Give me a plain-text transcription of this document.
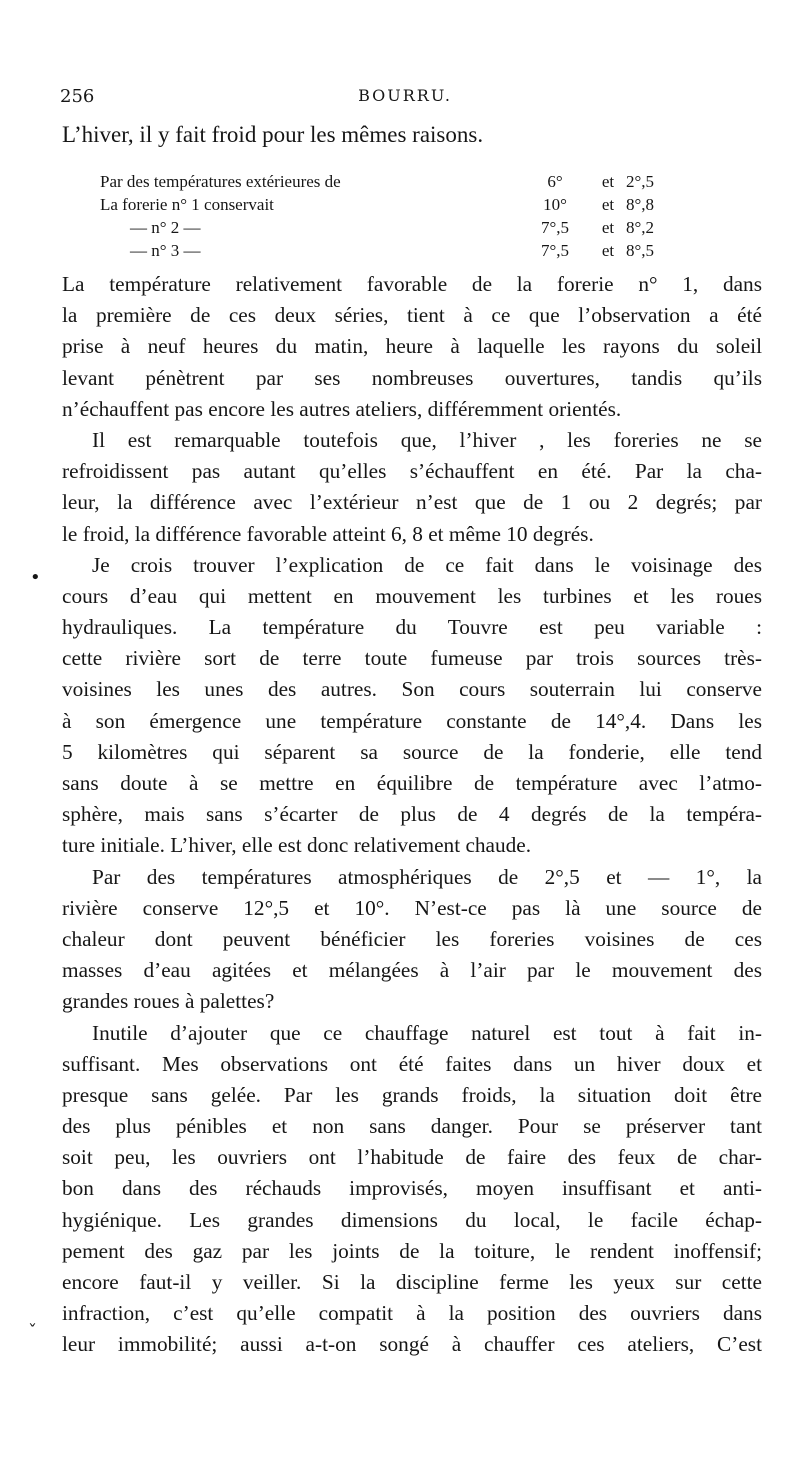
256	BOURRU.
L’hiver, il y fait froid pour les mêmes raisons.
Par des températures extérieures de	6°	et 2°,5
La forerie n° 1 conservait	10°	et 8°,8
— n° 2 —	7°,5	et 8°,2
— n° 3 —	7°,5	et 8°,5
La température relativement favorable de la forerie n° 1, dans
la première de ces deux séries, tient à ce que l’observation a été
prise à neuf heures du matin, heure à laquelle les rayons du soleil
levant pénètrent par ses nombreuses ouvertures, tandis qu’ils
n’échauffent pas encore les autres ateliers, différemment orientés.
Il est remarquable toutefois que, l’hiver , les foreries ne se
refroidissent pas autant qu’elles s’échauffent en été. Par la cha-
leur, la différence avec l’extérieur n’est que de 1 ou 2 degrés; par
le froid, la différence favorable atteint 6, 8 et même 10 degrés.
Je crois trouver l’explication de ce fait dans le voisinage des
cours d’eau qui mettent en mouvement les turbines et les roues
hydrauliques. La température du Touvre est peu variable :
cette rivière sort de terre toute fumeuse par trois sources très-
voisines les unes des autres. Son cours souterrain lui conserve
à son émergence une température constante de 14°,4. Dans les
5 kilomètres qui séparent sa source de la fonderie, elle tend
sans doute à se mettre en équilibre de température avec l’atmo-
sphère, mais sans s’écarter de plus de 4 degrés de la tempéra-
ture initiale. L’hiver, elle est donc relativement chaude.
Par des températures atmosphériques de 2°,5 et — 1°, la
rivière conserve 12°,5 et 10°. N’est-ce pas là une source de
chaleur dont peuvent bénéficier les foreries voisines de ces
masses d’eau agitées et mélangées à l’air par le mouvement des
grandes roues à palettes?
Inutile d’ajouter que ce chauffage naturel est tout à fait in-
suffisant. Mes observations ont été faites dans un hiver doux et
presque sans gelée. Par les grands froids, la situation doit être
des plus pénibles et non sans danger. Pour se préserver tant
soit peu, les ouvriers ont l’habitude de faire des feux de char-
bon dans des réchauds improvisés, moyen insuffisant et anti-
hygiénique. Les grandes dimensions du local, le facile échap-
pement des gaz par les joints de la toiture, le rendent inoffensif;
encore faut-il y veiller. Si la discipline ferme les yeux sur cette
infraction, c’est qu’elle compatit à la position des ouvriers dans
leur immobilité; aussi a-t-on songé à chauffer ces ateliers, C’est
•
˯
